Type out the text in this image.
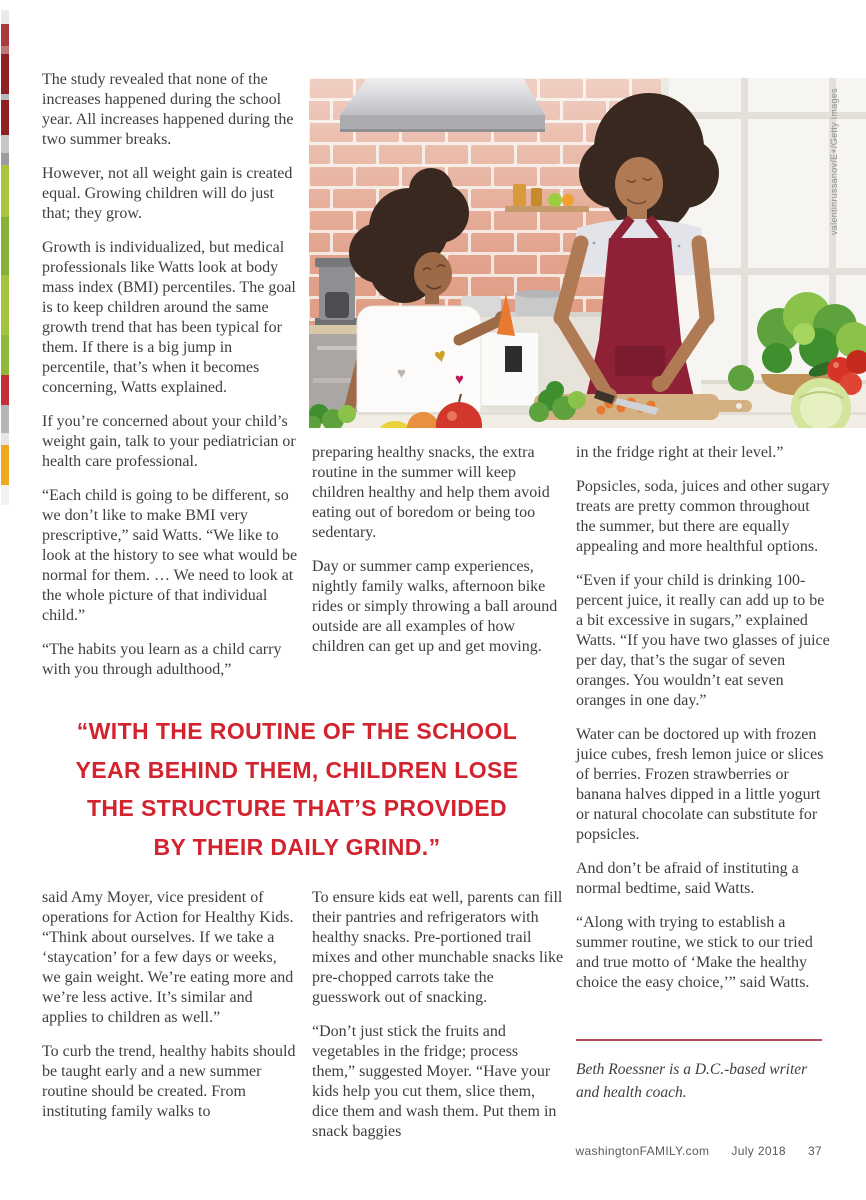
The study revealed that none of the increases happened during the school year. All increases happened during the two summer breaks.

However, not all weight gain is created equal. Growing children will do just that; they grow.

Growth is individualized, but medical professionals like Watts look at body mass index (BMI) percentiles. The goal is to keep children around the same growth trend that has been typical for them. If there is a big jump in percentile, that’s when it becomes concerning, Watts explained.

If you’re concerned about your child’s weight gain, talk to your pediatrician or health care professional.

“Each child is going to be different, so we don’t like to make BMI very prescriptive,” said Watts. “We like to look at the history to see what would be normal for them. … We need to look at the whole picture of that individual child.”

“The habits you learn as a child carry with you through adulthood,”

♥
♥	♥
valentinrussanov/E+/Getty Images

preparing healthy snacks, the extra routine in the summer will keep children healthy and help them avoid eating out of boredom or being too sedentary.

Day or summer camp experiences, nightly family walks, afternoon bike rides or simply throwing a ball around outside are all examples of how children can get up and get moving.

in the fridge right at their level.”

Popsicles, soda, juices and other sugary treats are pretty common throughout the summer, but there are equally appealing and more healthful options.

“Even if your child is drinking 100-percent juice, it really can add up to be a bit excessive in sugars,” explained Watts. “If you have two glasses of juice per day, that’s the sugar of seven oranges. You wouldn’t eat seven oranges in one day.”

Water can be doctored up with frozen juice cubes, fresh lemon juice or slices of berries. Frozen strawberries or banana halves dipped in a little yogurt or natural chocolate can substitute for popsicles.

And don’t be afraid of instituting a normal bedtime, said Watts.

“Along with trying to establish a summer routine, we stick to our tried and true motto of ‘Make the healthy choice the easy choice,’” said Watts.

“WITH THE ROUTINE OF THE SCHOOL
YEAR BEHIND THEM, CHILDREN LOSE
THE STRUCTURE THAT’S PROVIDED
BY THEIR DAILY GRIND.”

said Amy Moyer, vice president of operations for Action for Healthy Kids. “Think about ourselves. If we take a ‘staycation’ for a few days or weeks, we gain weight. We’re eating more and we’re less active. It’s similar and applies to children as well.”

To curb the trend, healthy habits should be taught early and a new summer routine should be created. From instituting family walks to

To ensure kids eat well, parents can fill their pantries and refrigerators with healthy snacks. Pre-portioned trail mixes and other munchable snacks like pre-chopped carrots take the guesswork out of snacking.

“Don’t just stick the fruits and vegetables in the fridge; process them,” suggested Moyer. “Have your kids help you cut them, slice them, dice them and wash them. Put them in snack baggies

Beth Roessner is a D.C.-based writer and health coach.
washingtonFAMILY.com July 2018 37
